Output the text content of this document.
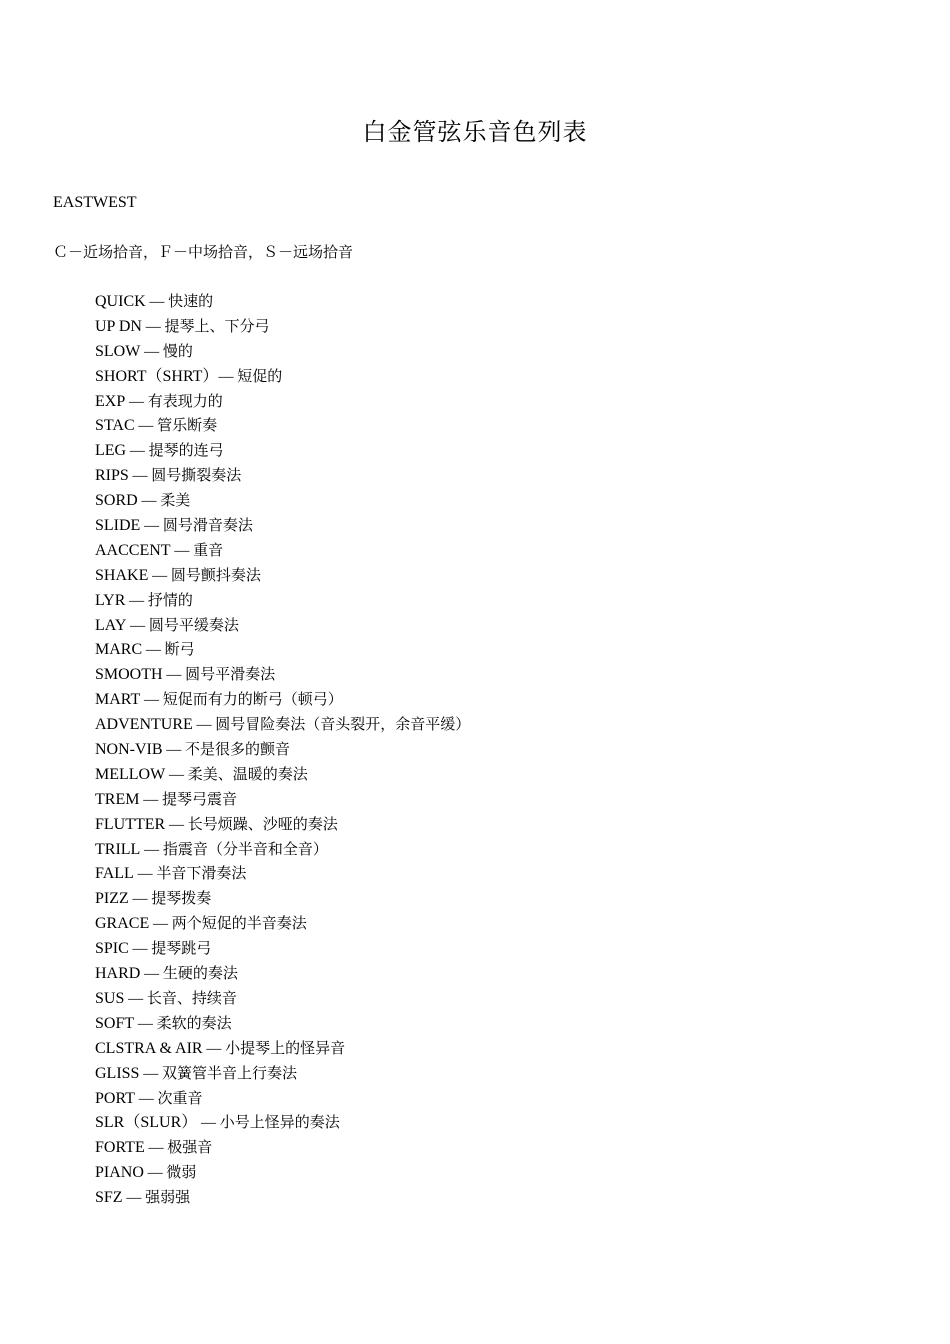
白金管弦乐音色列表
EASTWEST
Ｃ－近场拾音，Ｆ－中场拾音，Ｓ－远场拾音
QUICK — 快速的
UP DN — 提琴上、下分弓
SLOW — 慢的
SHORT（SHRT）— 短促的
EXP — 有表现力的
STAC — 管乐断奏
LEG — 提琴的连弓
RIPS — 圆号撕裂奏法
SORD — 柔美
SLIDE — 圆号滑音奏法
AACCENT — 重音
SHAKE — 圆号颤抖奏法
LYR — 抒情的
LAY — 圆号平缓奏法
MARC — 断弓
SMOOTH — 圆号平滑奏法
MART — 短促而有力的断弓（顿弓）
ADVENTURE — 圆号冒险奏法（音头裂开，余音平缓）
NON-VIB — 不是很多的颤音
MELLOW — 柔美、温暖的奏法
TREM — 提琴弓震音
FLUTTER — 长号烦躁、沙哑的奏法
TRILL — 指震音（分半音和全音）
FALL — 半音下滑奏法
PIZZ — 提琴拨奏
GRACE — 两个短促的半音奏法
SPIC — 提琴跳弓
HARD — 生硬的奏法
SUS — 长音、持续音
SOFT — 柔软的奏法
CLSTRA & AIR — 小提琴上的怪异音
GLISS — 双簧管半音上行奏法
PORT — 次重音
SLR（SLUR） — 小号上怪异的奏法
FORTE — 极强音
PIANO — 微弱
SFZ — 强弱强
